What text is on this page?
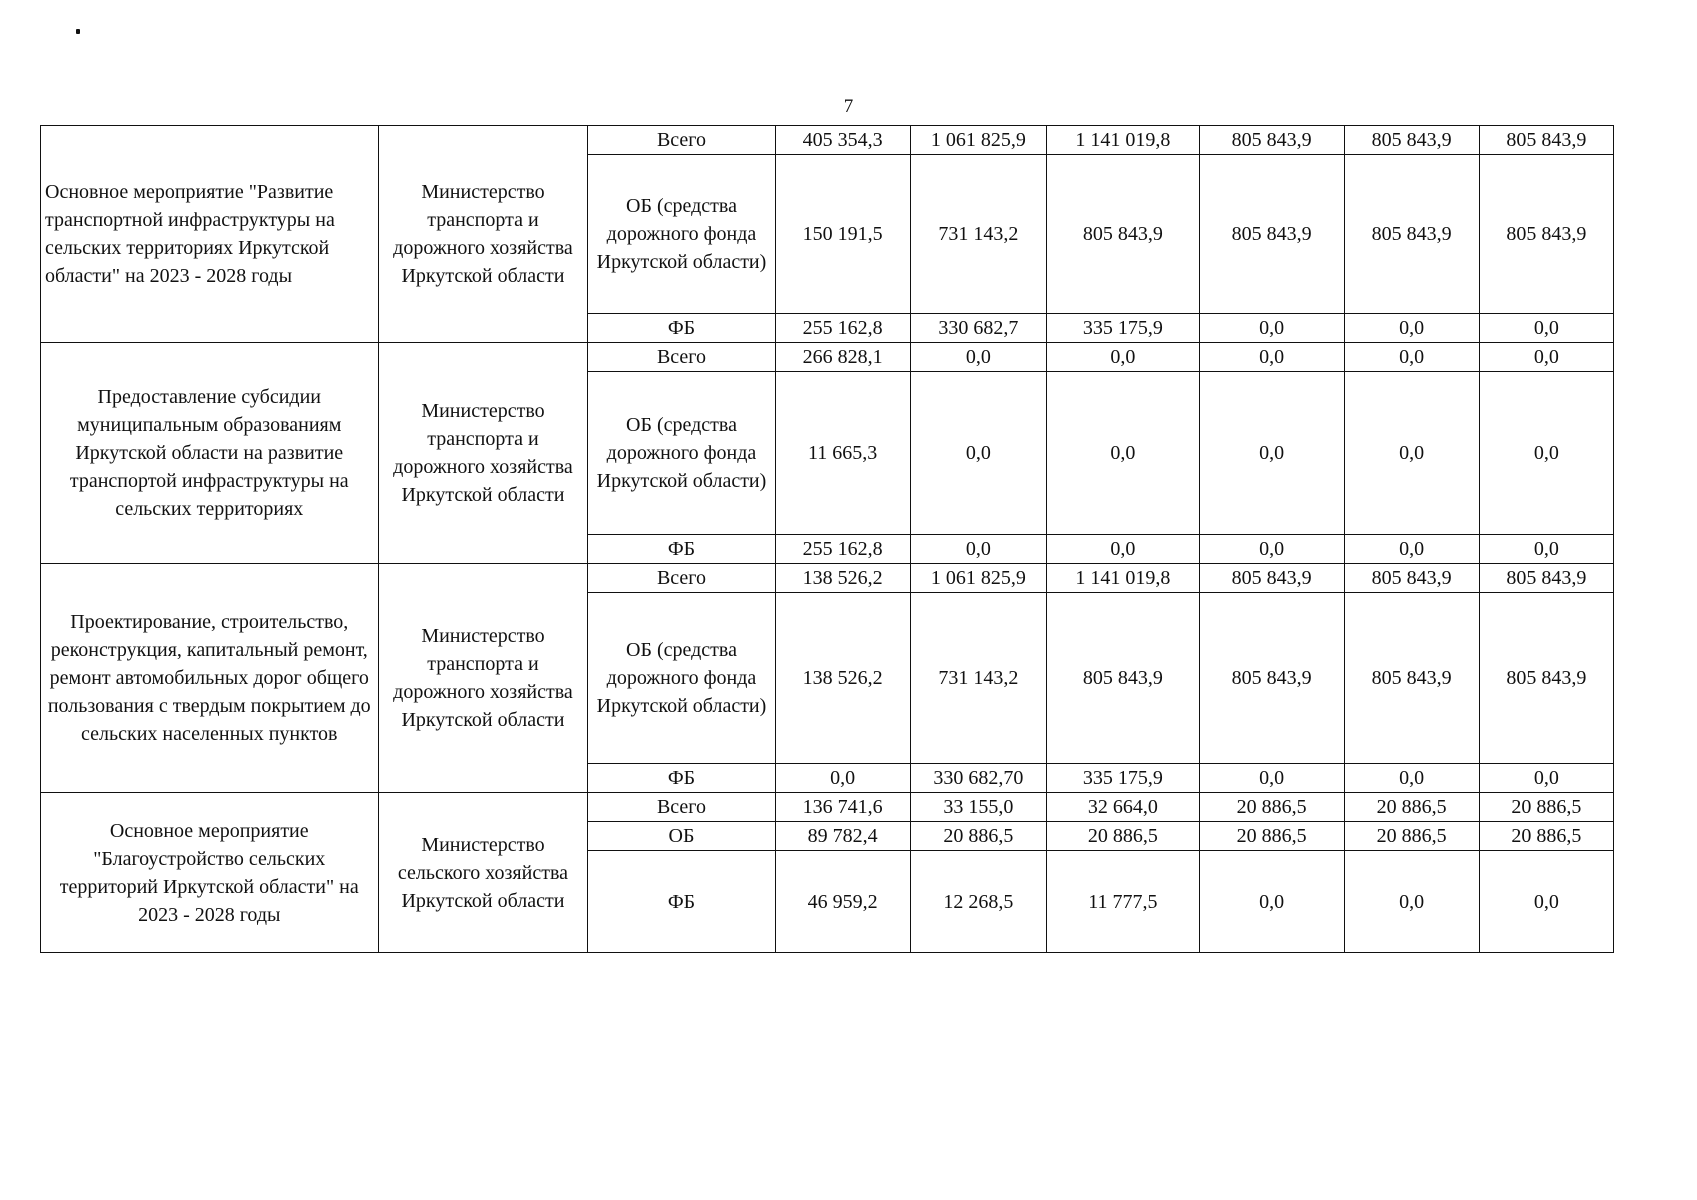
7
Основное мероприятие "Развитие транспортной инфраструктуры на сельских территориях Иркутской области" на 2023 - 2028 годы	Министерство транспорта и дорожного хозяйства Иркутской области	Всего	405 354,3	1 061 825,9	1 141 019,8	805 843,9	805 843,9	805 843,9
		ОБ (средства дорожного фонда Иркутской области)	150 191,5	731 143,2	805 843,9	805 843,9	805 843,9	805 843,9
		ФБ	255 162,8	330 682,7	335 175,9	0,0	0,0	0,0
Предоставление субсидии муниципальным образованиям Иркутской области на развитие транспортой инфраструктуры на сельских территориях	Министерство транспорта и дорожного хозяйства Иркутской области	Всего	266 828,1	0,0	0,0	0,0	0,0	0,0
		ОБ (средства дорожного фонда Иркутской области)	11 665,3	0,0	0,0	0,0	0,0	0,0
		ФБ	255 162,8	0,0	0,0	0,0	0,0	0,0
Проектирование, строительство, реконструкция, капитальный ремонт, ремонт автомобильных дорог общего пользования с твердым покрытием до сельских населенных пунктов	Министерство транспорта и дорожного хозяйства Иркутской области	Всего	138 526,2	1 061 825,9	1 141 019,8	805 843,9	805 843,9	805 843,9
		ОБ (средства дорожного фонда Иркутской области)	138 526,2	731 143,2	805 843,9	805 843,9	805 843,9	805 843,9
		ФБ	0,0	330 682,70	335 175,9	0,0	0,0	0,0
Основное мероприятие "Благоустройство сельских территорий Иркутской области" на 2023 - 2028 годы	Министерство сельского хозяйства Иркутской области	Всего	136 741,6	33 155,0	32 664,0	20 886,5	20 886,5	20 886,5
		ОБ	89 782,4	20 886,5	20 886,5	20 886,5	20 886,5	20 886,5
		ФБ	46 959,2	12 268,5	11 777,5	0,0	0,0	0,0
